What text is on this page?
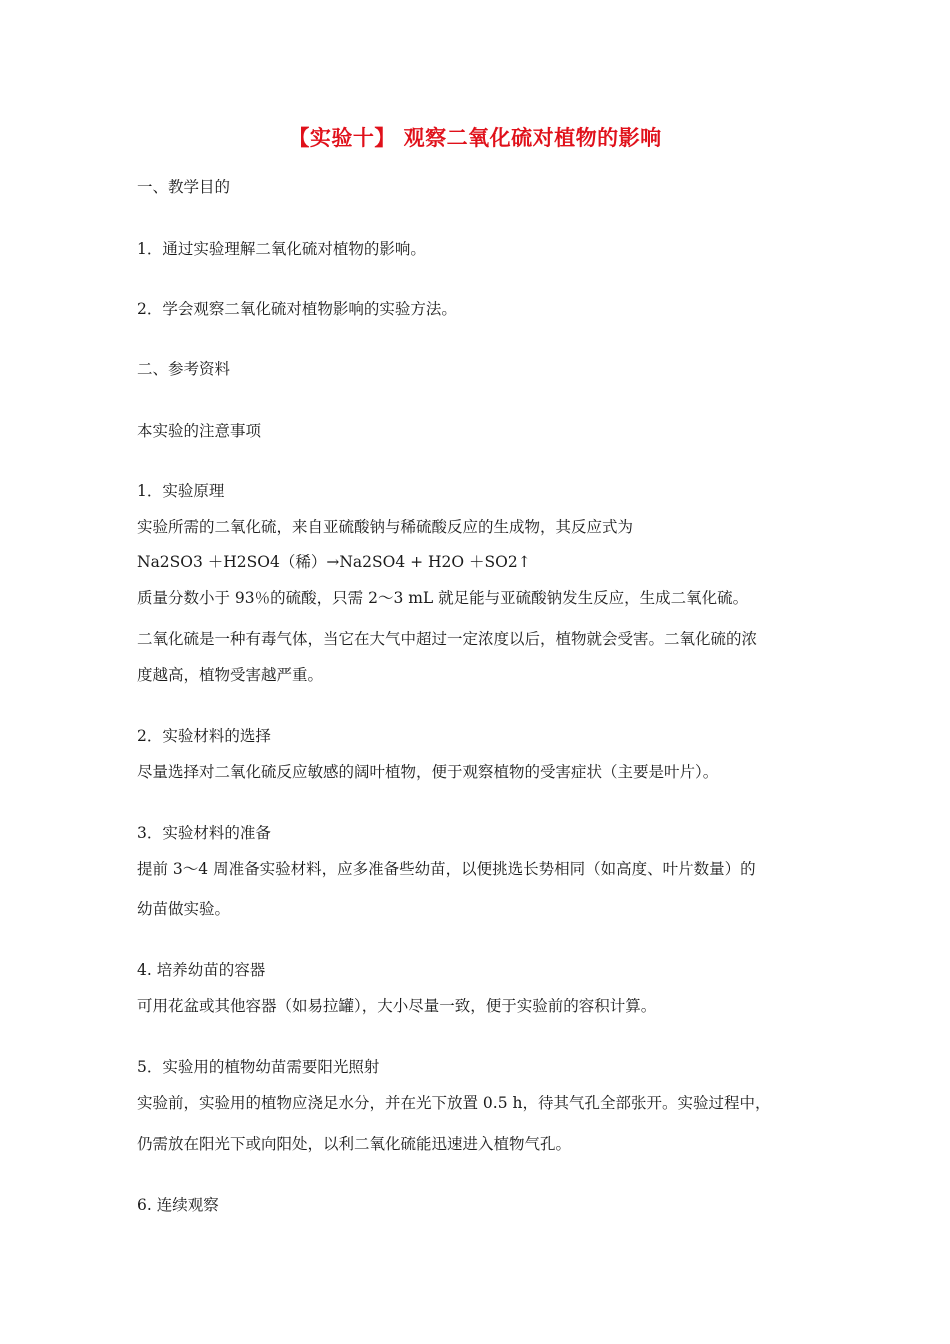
【实验十】 观察二氧化硫对植物的影响
一、教学目的
1．通过实验理解二氧化硫对植物的影响。
2．学会观察二氧化硫对植物影响的实验方法。
二、参考资料
本实验的注意事项
1．实验原理
实验所需的二氧化硫，来自亚硫酸钠与稀硫酸反应的生成物，其反应式为
Na2SO3 ＋H2SO4（稀）→Na2SO4 + H2O ＋SO2↑
质量分数小于 93％的硫酸，只需 2～3 mL 就足能与亚硫酸钠发生反应，生成二氧化硫。
二氧化硫是一种有毒气体，当它在大气中超过一定浓度以后，植物就会受害。二氧化硫的浓
度越高，植物受害越严重。
2．实验材料的选择
尽量选择对二氧化硫反应敏感的阔叶植物，便于观察植物的受害症状（主要是叶片）。
3．实验材料的准备
提前 3～4 周准备实验材料，应多准备些幼苗，以便挑选长势相同（如高度、叶片数量）的
幼苗做实验。
4. 培养幼苗的容器
可用花盆或其他容器（如易拉罐），大小尽量一致，便于实验前的容积计算。
5．实验用的植物幼苗需要阳光照射
实验前，实验用的植物应浇足水分，并在光下放置 0.5 h，待其气孔全部张开。实验过程中，
仍需放在阳光下或向阳处，以利二氧化硫能迅速进入植物气孔。
6. 连续观察
